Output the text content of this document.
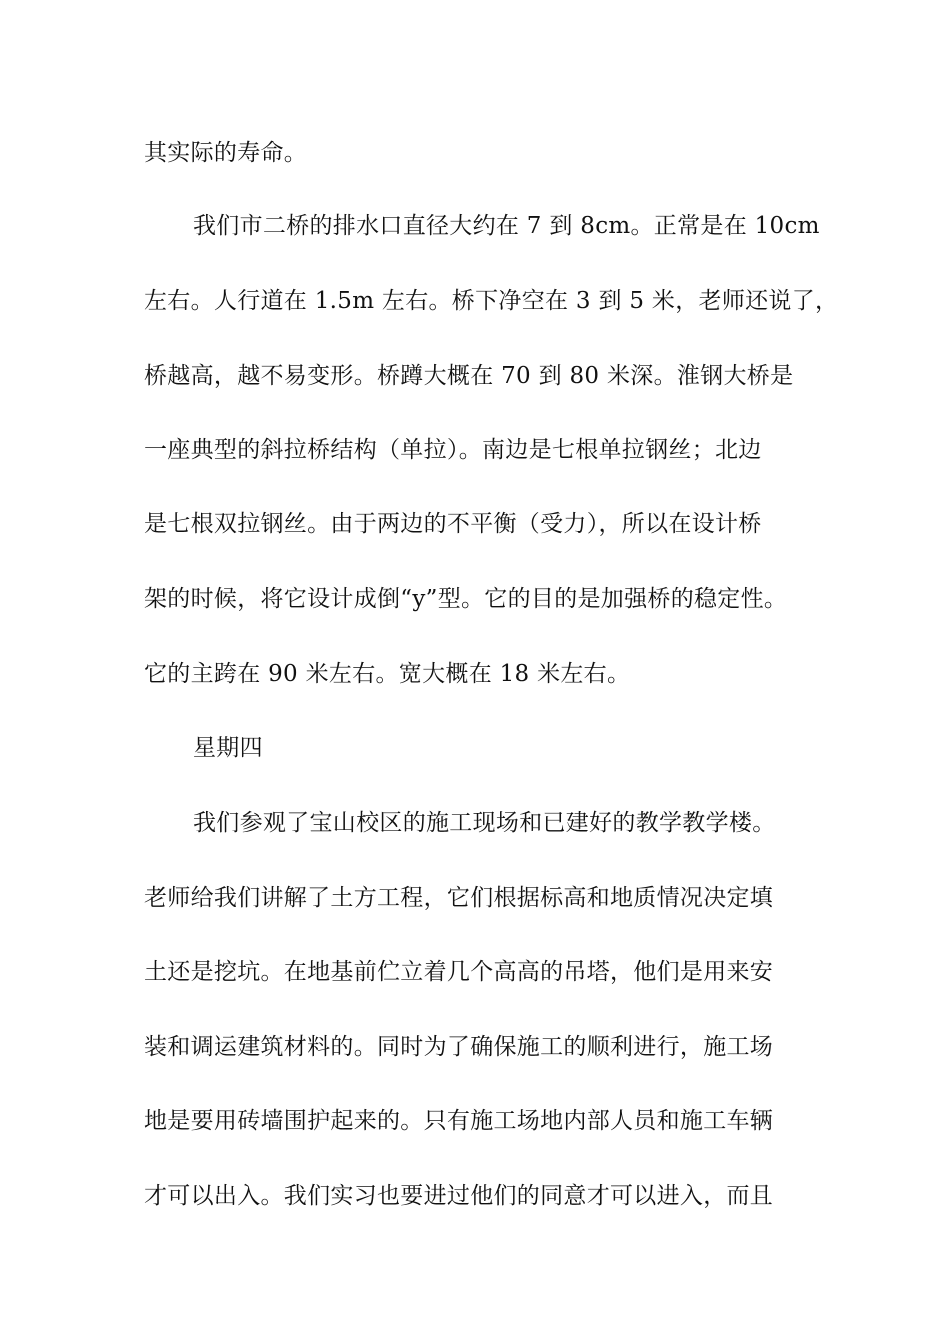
其实际的寿命。
我们市二桥的排水口直径大约在 7 到 8cm。正常是在 10cm
左右。人行道在 1.5m 左右。桥下净空在 3 到 5 米，老师还说了，
桥越高，越不易变形。桥蹲大概在 70 到 80 米深。淮钢大桥是
一座典型的斜拉桥结构（单拉）。南边是七根单拉钢丝；北边
是七根双拉钢丝。由于两边的不平衡（受力），所以在设计桥
架的时候，将它设计成倒“y”型。它的目的是加强桥的稳定性。
它的主跨在 90 米左右。宽大概在 18 米左右。
星期四
我们参观了宝山校区的施工现场和已建好的教学教学楼。
老师给我们讲解了土方工程，它们根据标高和地质情况决定填
土还是挖坑。在地基前伫立着几个高高的吊塔，他们是用来安
装和调运建筑材料的。同时为了确保施工的顺利进行，施工场
地是要用砖墙围护起来的。只有施工场地内部人员和施工车辆
才可以出入。我们实习也要进过他们的同意才可以进入，而且
